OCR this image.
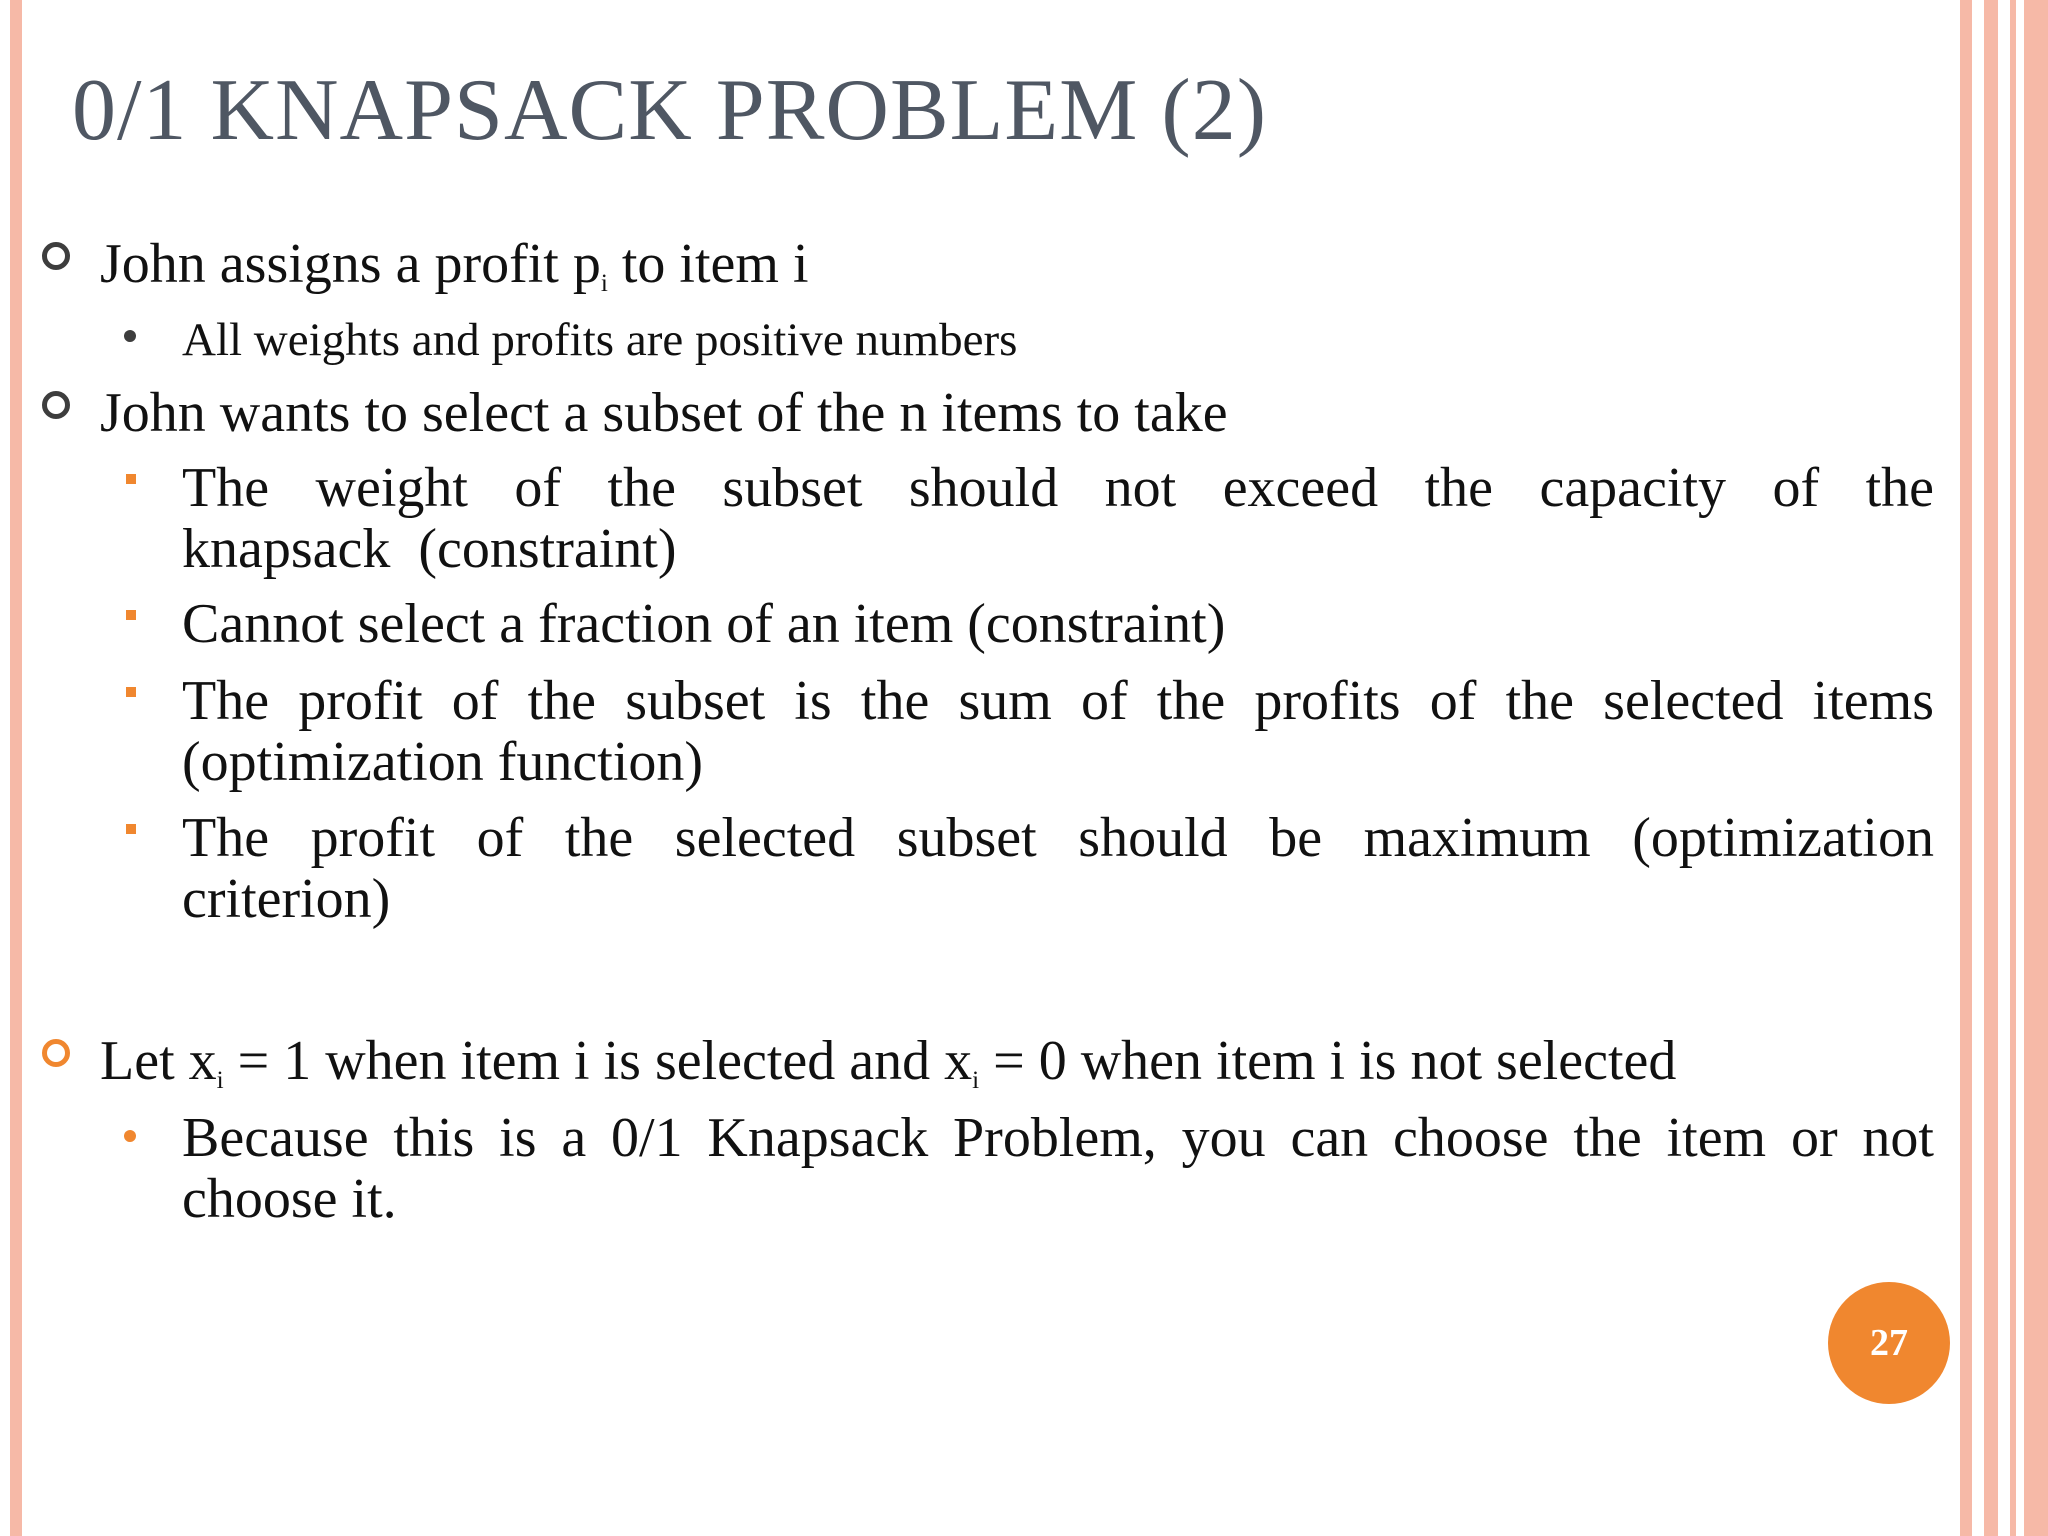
0/1 KNAPSACK PROBLEM (2)
John assigns a profit $p_i$ to item i
All weights and profits are positive numbers
John wants to select a subset of the n items to take
The weight of the subset should not exceed the capacity of the knapsack (constraint)
Cannot select a fraction of an item (constraint)
The profit of the subset is the sum of the profits of the selected items (optimization function)
The profit of the selected subset should be maximum (optimization criterion)
Let $x_i = 1$ when item i is selected and $x_i = 0$ when item i is not selected
Because this is a 0/1 Knapsack Problem, you can choose the item or not choose it.
27
